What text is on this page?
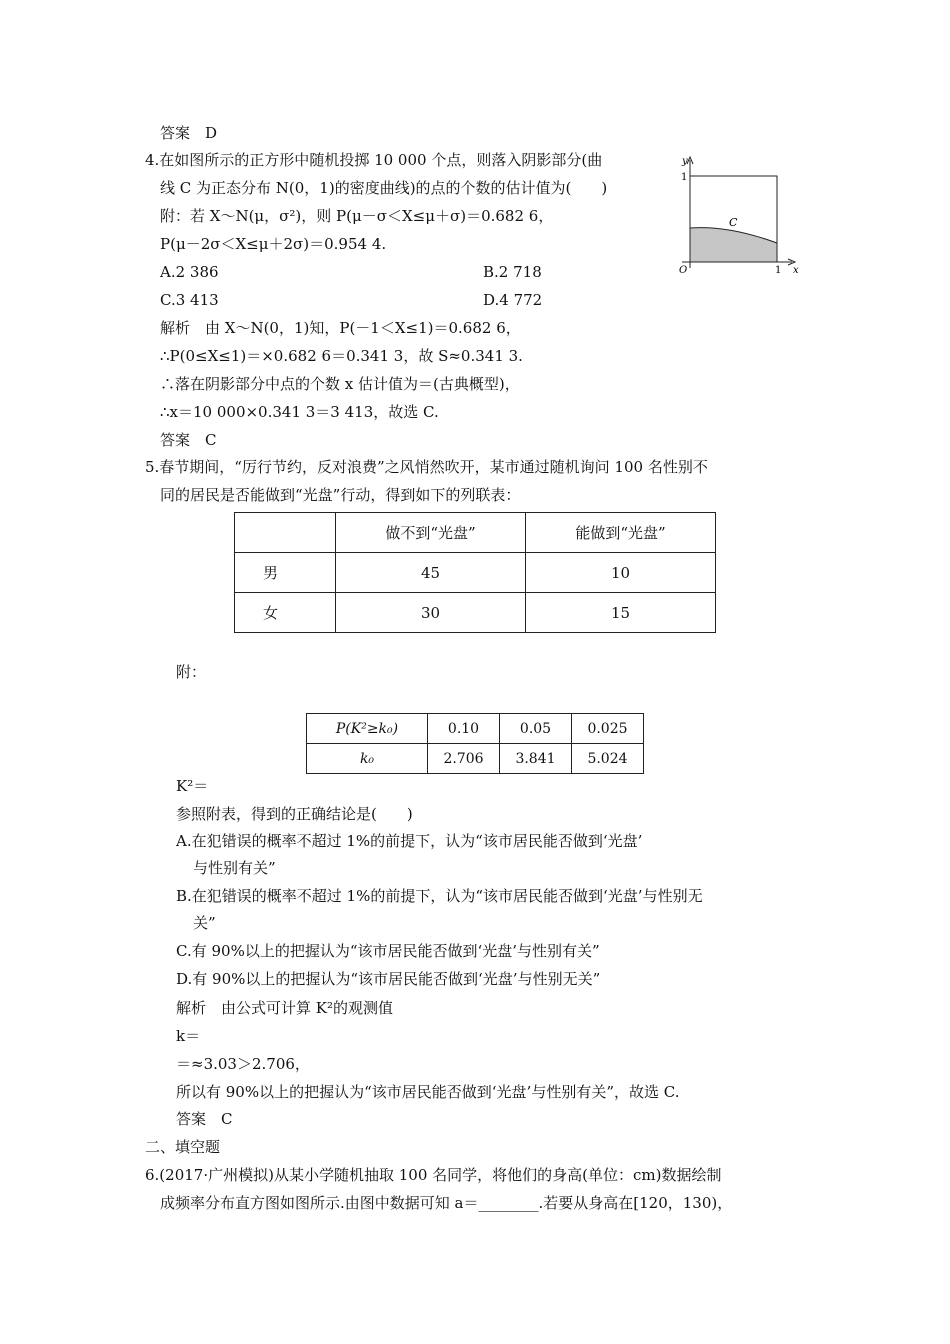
答案　D
4.在如图所示的正方形中随机投掷 10 000 个点，则落入阴影部分(曲
线 C 为正态分布 N(0，1)的密度曲线)的点的个数的估计值为(　　)
附：若 X～N(μ，σ²)，则 P(μ－σ＜X≤μ＋σ)＝0.682 6，
P(μ－2σ＜X≤μ＋2σ)＝0.954 4.
A.2 386	B.2 718
C.3 413	D.4 772
解析　由 X～N(0，1)知，P(－1＜X≤1)＝0.682 6，
∴P(0≤X≤1)＝×0.682 6＝0.341 3，故 S≈0.341 3.
∴落在阴影部分中点的个数 x 估计值为＝(古典概型)，
∴x＝10 000×0.341 3＝3 413，故选 C.
答案　C
y
1
O	1 x
C
5.春节期间，“厉行节约，反对浪费”之风悄然吹开，某市通过随机询问 100 名性别不
同的居民是否能做到“光盘”行动，得到如下的列联表：
	做不到“光盘”	能做到“光盘”
男	45	10
女	30	15
附：
P(K²≥k₀)	0.10	0.05	0.025
k₀	2.706	3.841	5.024
K²＝
参照附表，得到的正确结论是(　　)
A.在犯错误的概率不超过 1%的前提下，认为“该市居民能否做到‘光盘’
与性别有关”
B.在犯错误的概率不超过 1%的前提下，认为“该市居民能否做到‘光盘’与性别无
关”
C.有 90%以上的把握认为“该市居民能否做到‘光盘’与性别有关”
D.有 90%以上的把握认为“该市居民能否做到‘光盘’与性别无关”
解析　由公式可计算 K²的观测值
k＝
＝≈3.03＞2.706，
所以有 90%以上的把握认为“该市居民能否做到‘光盘’与性别有关”，故选 C.
答案　C
二、填空题
6.(2017·广州模拟)从某小学随机抽取 100 名同学，将他们的身高(单位：cm)数据绘制
成频率分布直方图如图所示.由图中数据可知 a＝________.若要从身高在[120，130)，
